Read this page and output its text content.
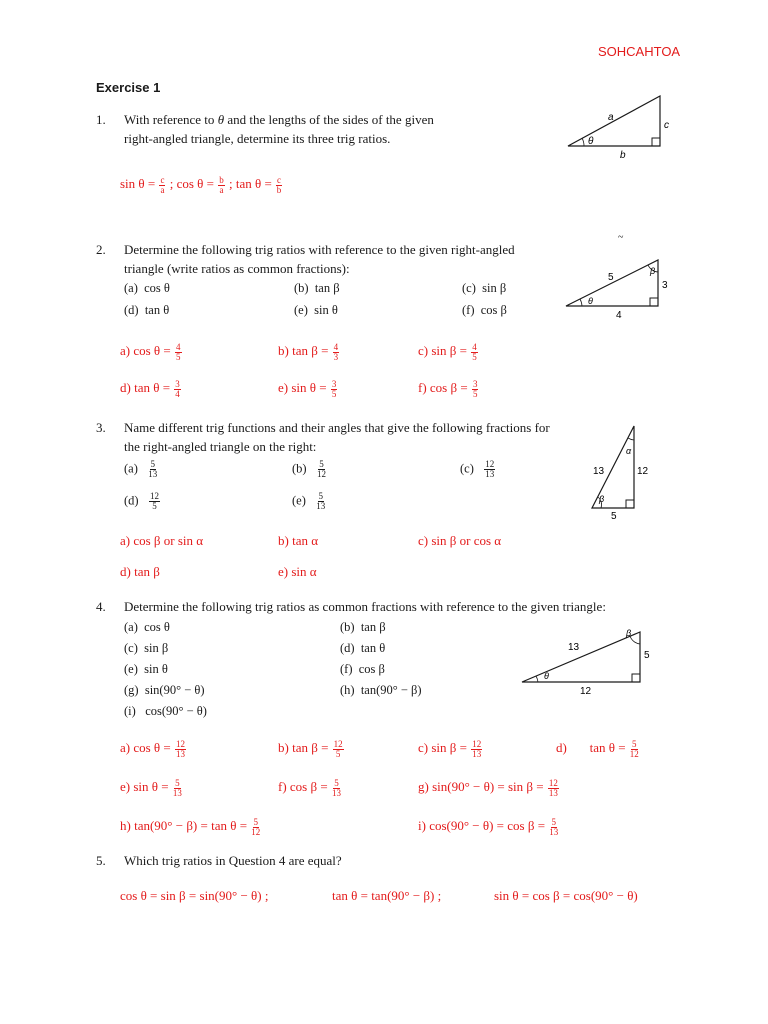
SOHCAHTOA
Exercise 1
1. With reference to θ and the lengths of the sides of the given
right-angled triangle, determine its three trig ratios.
$\sin \theta = \frac{c}{a}$ ; $\cos \theta = \frac{b}{a}$ ; $\tan \theta = \frac{c}{b}$
a
c
b
θ
2. Determine the following trig ratios with reference to the given right-angled
triangle (write ratios as common fractions):
~
(a) cos θ	(b) tan β	(c) sin β
(d) tan θ	(e) sin θ	(f) cos β
a) $\cos \theta = \frac{4}{5}$	b) $\tan \beta = \frac{4}{3}$	c) $\sin \beta = \frac{4}{5}$
d) $\tan \theta = \frac{3}{4}$	e) $\sin \theta = \frac{3}{5}$	f) $\cos \beta = \frac{3}{5}$
5
3
4
θ
β
3. Name different trig functions and their angles that give the following fractions for
the right-angled triangle on the right:
$(a) \frac{5}{13}$	$(b) \frac{5}{12}$	$(c) \frac{12}{13}$
$(d) \frac{12}{5}$	$(e) \frac{5}{13}$
a) cos β or sin α	b) tan α	c) sin β or cos α
d) tan β	e) sin α
13	12
5
α
β
4. Determine the following trig ratios as common fractions with reference to the given triangle:
(a) cos θ	(b) tan β
(c) sin β	(d) tan θ
(e) sin θ	(f) cos β
(g) sin(90° − θ)	(h) tan(90° − β)
(i) cos(90° − θ)
a) $\cos \theta = \frac{12}{13}$	b) $\tan \beta = \frac{12}{5}$	c) $\sin \beta = \frac{12}{13}$	d) $\tan \theta = \frac{5}{12}$
e) $\sin \theta = \frac{5}{13}$	f) $\cos \beta = \frac{5}{13}$	g) $\sin(90^\circ - \theta) = \sin \beta = \frac{12}{13}$
h) $\tan(90^\circ - \beta) = \tan \theta = \frac{5}{12}$	i) $\cos(90^\circ - \theta) = \cos \beta = \frac{5}{13}$
13
5
12
θ
β
5. Which trig ratios in Question 4 are equal?
cos θ = sin β = sin(90° − θ) ;	tan θ = tan(90° − β) ;	sin θ = cos β = cos(90° − θ)
